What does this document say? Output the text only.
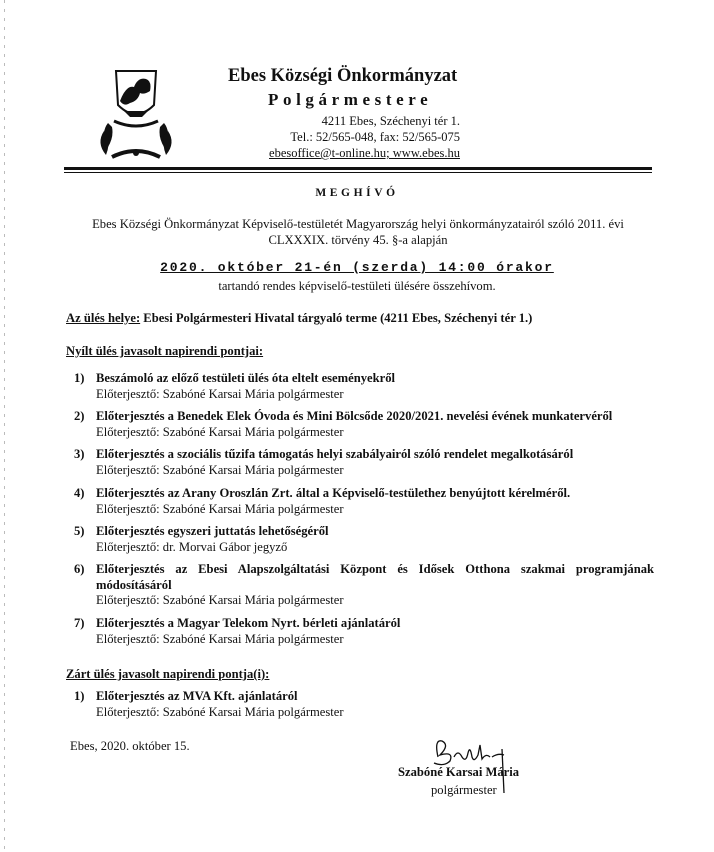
Ebes Községi Önkormányzat
Polgármestere
4211 Ebes, Széchenyi tér 1.
Tel.: 52/565-048, fax: 52/565-075
ebesoffice@t-online.hu; www.ebes.hu
MEGHÍVÓ
Ebes Községi Önkormányzat Képviselő-testületét Magyarország helyi önkormányzatairól szóló 2011. évi CLXXXIX. törvény 45. §-a alapján
2020. október 21-én (szerda) 14:00 órakor
tartandó rendes képviselő-testületi ülésére összehívom.
Az ülés helye: Ebesi Polgármesteri Hivatal tárgyaló terme (4211 Ebes, Széchenyi tér 1.)
Nyílt ülés javasolt napirendi pontjai:
1) Beszámoló az előző testületi ülés óta eltelt eseményekről
Előterjesztő: Szabóné Karsai Mária polgármester
2) Előterjesztés a Benedek Elek Óvoda és Mini Bölcsőde 2020/2021. nevelési évének munkatervéről
Előterjesztő: Szabóné Karsai Mária polgármester
3) Előterjesztés a szociális tűzifa támogatás helyi szabályairól szóló rendelet megalkotásáról
Előterjesztő: Szabóné Karsai Mária polgármester
4) Előterjesztés az Arany Oroszlán Zrt. által a Képviselő-testülethez benyújtott kérelméről.
Előterjesztő: Szabóné Karsai Mária polgármester
5) Előterjesztés egyszeri juttatás lehetőségéről
Előterjesztő: dr. Morvai Gábor jegyző
6) Előterjesztés az Ebesi Alapszolgáltatási Központ és Idősek Otthona szakmai programjának módosításáról
Előterjesztő: Szabóné Karsai Mária polgármester
7) Előterjesztés a Magyar Telekom Nyrt. bérleti ajánlatáról
Előterjesztő: Szabóné Karsai Mária polgármester
Zárt ülés javasolt napirendi pontja(i):
1) Előterjesztés az MVA Kft. ajánlatáról
Előterjesztő: Szabóné Karsai Mária polgármester
Ebes, 2020. október 15.
Szabóné Karsai Mária
polgármester
